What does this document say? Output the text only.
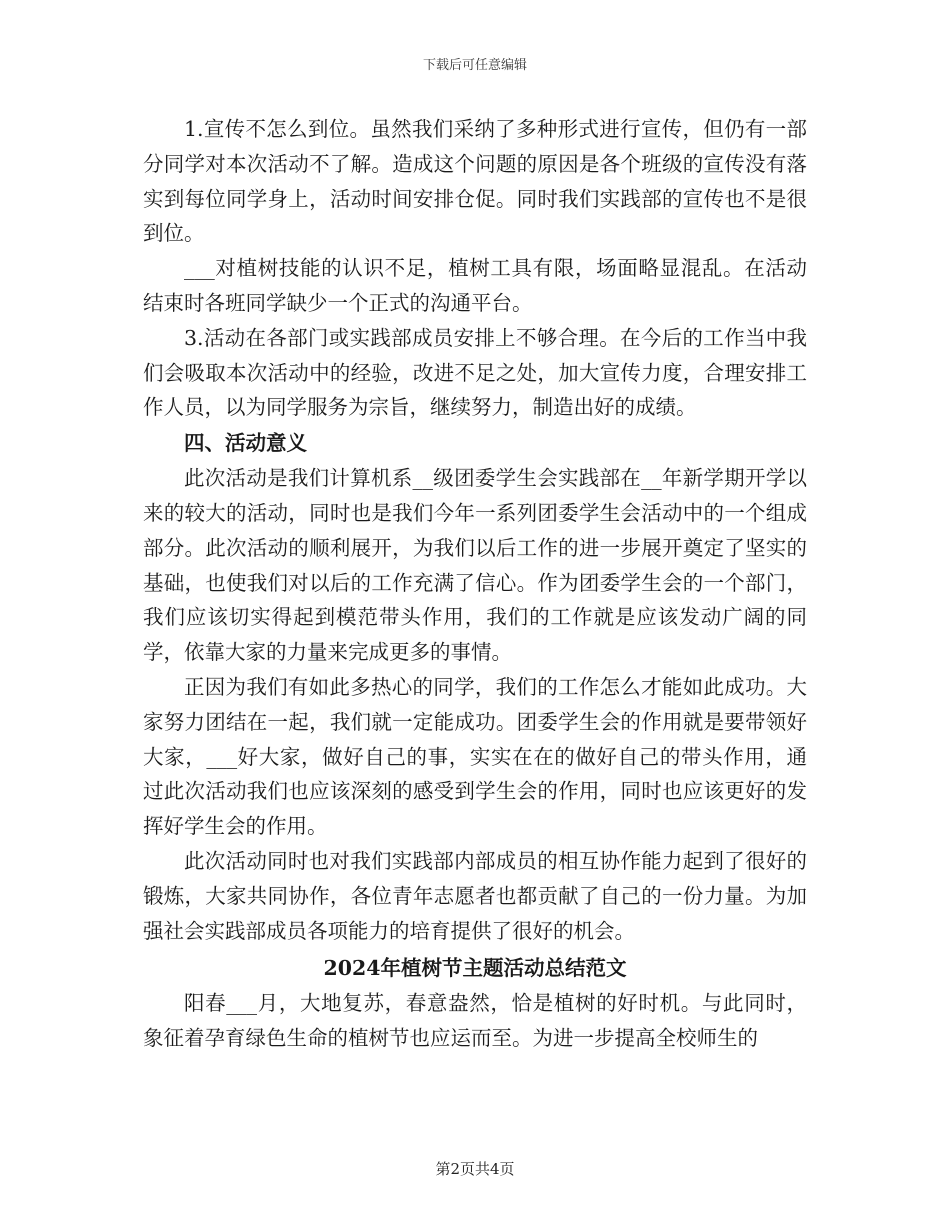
下载后可任意编辑

1.宣传不怎么到位。虽然我们采纳了多种形式进行宣传，但仍有一部分同学对本次活动不了解。造成这个问题的原因是各个班级的宣传没有落实到每位同学身上，活动时间安排仓促。同时我们实践部的宣传也不是很到位。

___对植树技能的认识不足，植树工具有限，场面略显混乱。在活动结束时各班同学缺少一个正式的沟通平台。

3.活动在各部门或实践部成员安排上不够合理。在今后的工作当中我们会吸取本次活动中的经验，改进不足之处，加大宣传力度，合理安排工作人员，以为同学服务为宗旨，继续努力，制造出好的成绩。

四、活动意义

此次活动是我们计算机系__级团委学生会实践部在__年新学期开学以来的较大的活动，同时也是我们今年一系列团委学生会活动中的一个组成部分。此次活动的顺利展开，为我们以后工作的进一步展开奠定了坚实的基础，也使我们对以后的工作充满了信心。作为团委学生会的一个部门，我们应该切实得起到模范带头作用，我们的工作就是应该发动广阔的同学，依靠大家的力量来完成更多的事情。

正因为我们有如此多热心的同学，我们的工作怎么才能如此成功。大家努力团结在一起，我们就一定能成功。团委学生会的作用就是要带领好大家，___好大家，做好自己的事，实实在在的做好自己的带头作用，通过此次活动我们也应该深刻的感受到学生会的作用，同时也应该更好的发挥好学生会的作用。

此次活动同时也对我们实践部内部成员的相互协作能力起到了很好的锻炼，大家共同协作，各位青年志愿者也都贡献了自己的一份力量。为加强社会实践部成员各项能力的培育提供了很好的机会。

2024年植树节主题活动总结范文

阳春___月，大地复苏，春意盎然，恰是植树的好时机。与此同时，象征着孕育绿色生命的植树节也应运而至。为进一步提高全校师生的

第2页共4页
